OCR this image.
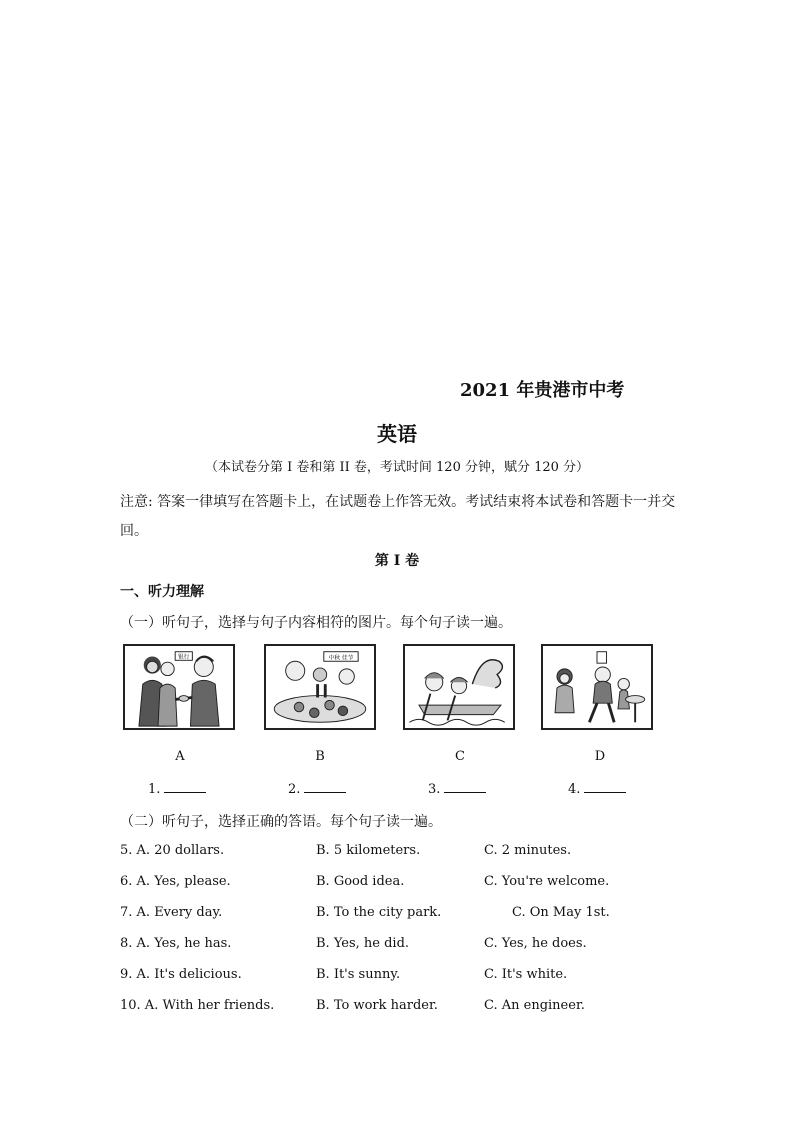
2021 年贵港市中考
英语
（本试卷分第 I 卷和第 II 卷，考试时间 120 分钟，赋分 120 分）
注意: 答案一律填写在答题卡上，在试题卷上作答无效。考试结束将本试卷和答题卡一并交回。
第 I 卷
一、听力理解
（一）听句子，选择与句子内容相符的图片。每个句子读一遍。
银行	中秋 佳节
A	B	C	D
1.	2.	3.	4.
（二）听句子，选择正确的答语。每个句子读一遍。
5. A. 20 dollars.	B. 5 kilometers.	C. 2 minutes.
6. A. Yes, please.	B. Good idea.	C. You're welcome.
7. A. Every day.	B. To the city park.	C. On May 1st.
8. A. Yes, he has.	B. Yes, he did.	C. Yes, he does.
9. A. It's delicious.	B. It's sunny.	C. It's white.
10. A. With her friends.	B. To work harder.	C. An engineer.
